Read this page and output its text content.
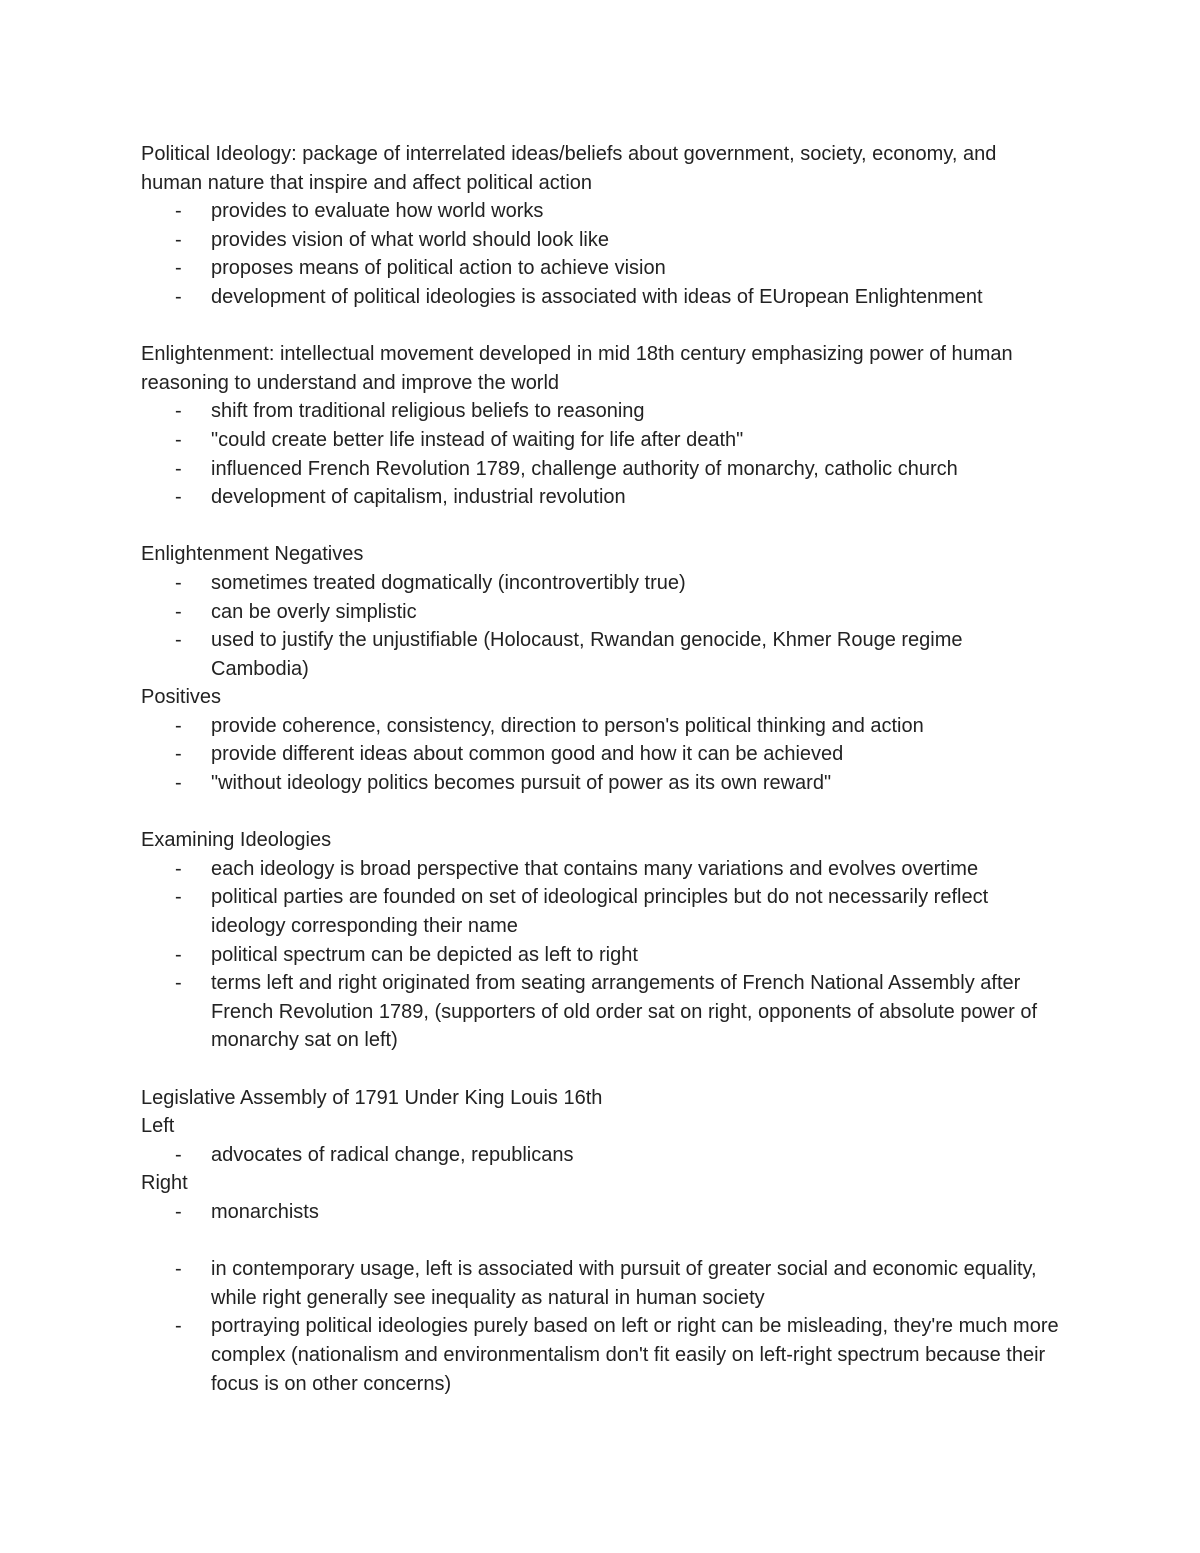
Political Ideology: package of interrelated ideas/beliefs about government, society, economy, and human nature that inspire and affect political action

- provides to evaluate how world works
- provides vision of what world should look like
- proposes means of political action to achieve vision
- development of political ideologies is associated with ideas of EUropean Enlightenment

Enlightenment: intellectual movement developed in mid 18th century emphasizing power of human reasoning to understand and improve the world

- shift from traditional religious beliefs to reasoning
- "could create better life instead of waiting for life after death"
- influenced French Revolution 1789, challenge authority of monarchy, catholic church
- development of capitalism, industrial revolution

Enlightenment Negatives

- sometimes treated dogmatically (incontrovertibly true)
- can be overly simplistic
- used to justify the unjustifiable (Holocaust, Rwandan genocide, Khmer Rouge regime Cambodia)

Positives

- provide coherence, consistency, direction to person's political thinking and action
- provide different ideas about common good and how it can be achieved
- "without ideology politics becomes pursuit of power as its own reward"

Examining Ideologies

- each ideology is broad perspective that contains many variations and evolves overtime
- political parties are founded on set of ideological principles but do not necessarily reflect ideology corresponding their name
- political spectrum can be depicted as left to right
- terms left and right originated from seating arrangements of French National Assembly after French Revolution 1789, (supporters of old order sat on right, opponents of absolute power of monarchy sat on left)

Legislative Assembly of 1791 Under King Louis 16th

Left

- advocates of radical change, republicans

Right

- monarchists
- in contemporary usage, left is associated with pursuit of greater social and economic equality, while right generally see inequality as natural in human society
- portraying political ideologies purely based on left or right can be misleading, they're much more complex (nationalism and environmentalism don't fit easily on left-right spectrum because their focus is on other concerns)
